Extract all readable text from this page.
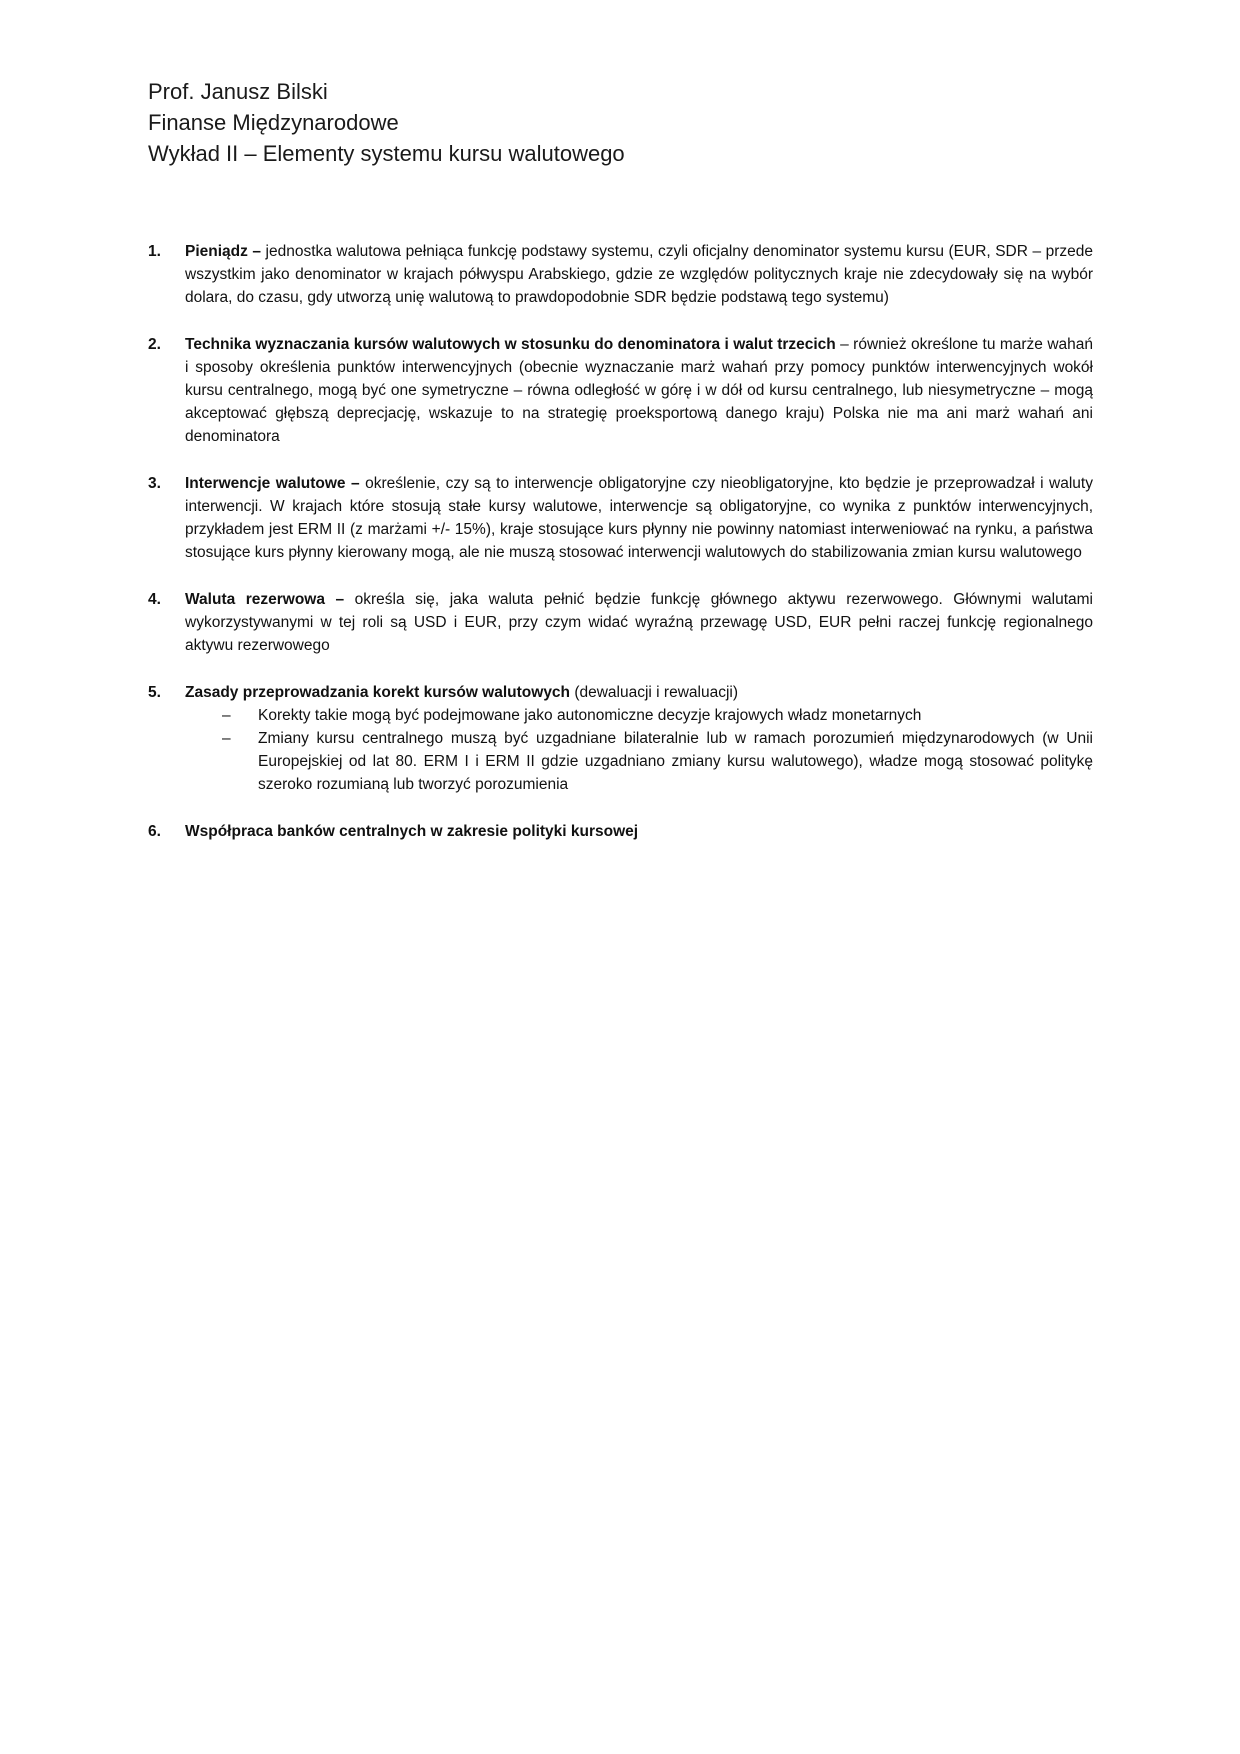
Prof. Janusz Bilski
Finanse Międzynarodowe
Wykład II – Elementy systemu kursu walutowego
1. Pieniądz – jednostka walutowa pełniąca funkcję podstawy systemu, czyli oficjalny denominator systemu kursu (EUR, SDR – przede wszystkim jako denominator w krajach półwyspu Arabskiego, gdzie ze względów politycznych kraje nie zdecydowały się na wybór dolara, do czasu, gdy utworzą unię walutową to prawdopodobnie SDR będzie podstawą tego systemu)
2. Technika wyznaczania kursów walutowych w stosunku do denominatora i walut trzecich – również określone tu marże wahań i sposoby określenia punktów interwencyjnych (obecnie wyznaczanie marż wahań przy pomocy punktów interwencyjnych wokół kursu centralnego, mogą być one symetryczne – równa odległość w górę i w dół od kursu centralnego, lub niesymetryczne – mogą akceptować głębszą deprecjację, wskazuje to na strategię proeksportową danego kraju) Polska nie ma ani marż wahań ani denominatora
3. Interwencje walutowe – określenie, czy są to interwencje obligatoryjne czy nieobligatoryjne, kto będzie je przeprowadzał i waluty interwencji. W krajach które stosują stałe kursy walutowe, interwencje są obligatoryjne, co wynika z punktów interwencyjnych, przykładem jest ERM II (z marżami +/- 15%), kraje stosujące kurs płynny nie powinny natomiast interweniować na rynku, a państwa stosujące kurs płynny kierowany mogą, ale nie muszą stosować interwencji walutowych do stabilizowania zmian kursu walutowego
4. Waluta rezerwowa – określa się, jaka waluta pełnić będzie funkcję głównego aktywu rezerwowego. Głównymi walutami wykorzystywanymi w tej roli są USD i EUR, przy czym widać wyraźną przewagę USD, EUR pełni raczej funkcję regionalnego aktywu rezerwowego
5. Zasady przeprowadzania korekt kursów walutowych (dewaluacji i rewaluacji)
– Korekty takie mogą być podejmowane jako autonomiczne decyzje krajowych władz monetarnych
– Zmiany kursu centralnego muszą być uzgadniane bilateralnie lub w ramach porozumień międzynarodowych (w Unii Europejskiej od lat 80. ERM I i ERM II gdzie uzgadniano zmiany kursu walutowego), władze mogą stosować politykę szeroko rozumianą lub tworzyć porozumienia
6. Współpraca banków centralnych w zakresie polityki kursowej
